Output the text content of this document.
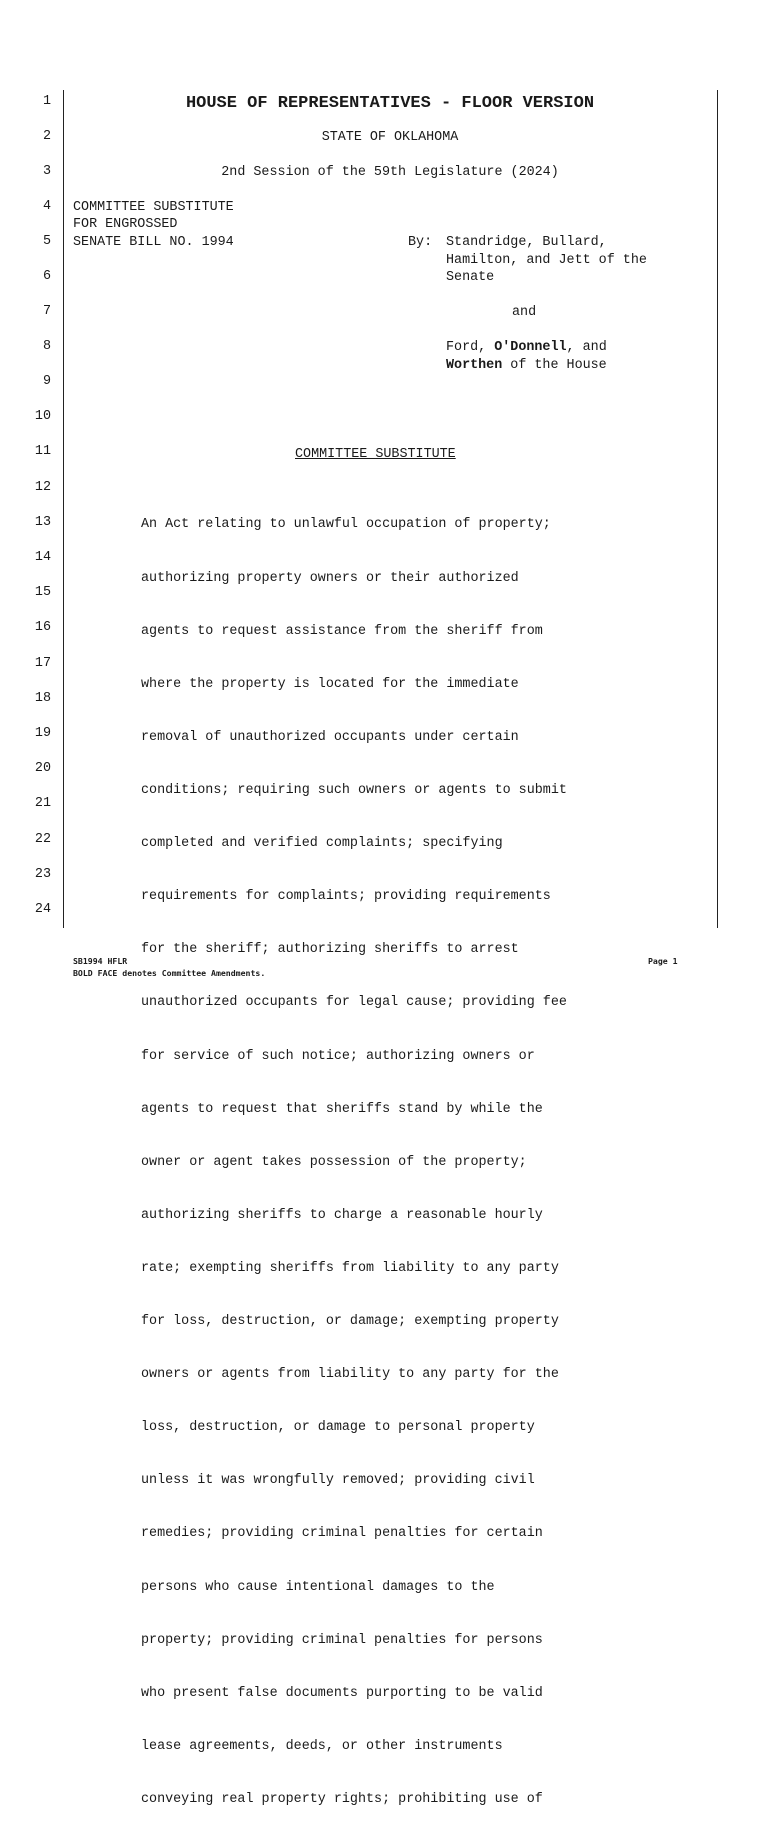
1
2
3
4
5
6
7
8
9
10
11
12
13
14
15
16
17
18
19
20
21
22
23
24
HOUSE OF REPRESENTATIVES - FLOOR VERSION
STATE OF OKLAHOMA
2nd Session of the 59th Legislature (2024)
COMMITTEE SUBSTITUTE
FOR ENGROSSED
SENATE BILL NO. 1994	By: Standridge, Bullard,
Hamilton, and Jett of the
Senate
and
Ford, O'Donnell, and
Worthen of the House
COMMITTEE SUBSTITUTE

An Act relating to unlawful occupation of property;

authorizing property owners or their authorized

agents to request assistance from the sheriff from

where the property is located for the immediate

removal of unauthorized occupants under certain

conditions; requiring such owners or agents to submit

completed and verified complaints; specifying

requirements for complaints; providing requirements

for the sheriff; authorizing sheriffs to arrest

unauthorized occupants for legal cause; providing fee

for service of such notice; authorizing owners or

agents to request that sheriffs stand by while the

owner or agent takes possession of the property;

authorizing sheriffs to charge a reasonable hourly

rate; exempting sheriffs from liability to any party

for loss, destruction, or damage; exempting property

owners or agents from liability to any party for the

loss, destruction, or damage to personal property

unless it was wrongfully removed; providing civil

remedies; providing criminal penalties for certain

persons who cause intentional damages to the

property; providing criminal penalties for persons

who present false documents purporting to be valid

lease agreements, deeds, or other instruments

conveying real property rights; prohibiting use of

SB1994 HFLR
BOLD FACE denotes Committee Amendments.
Page 1
